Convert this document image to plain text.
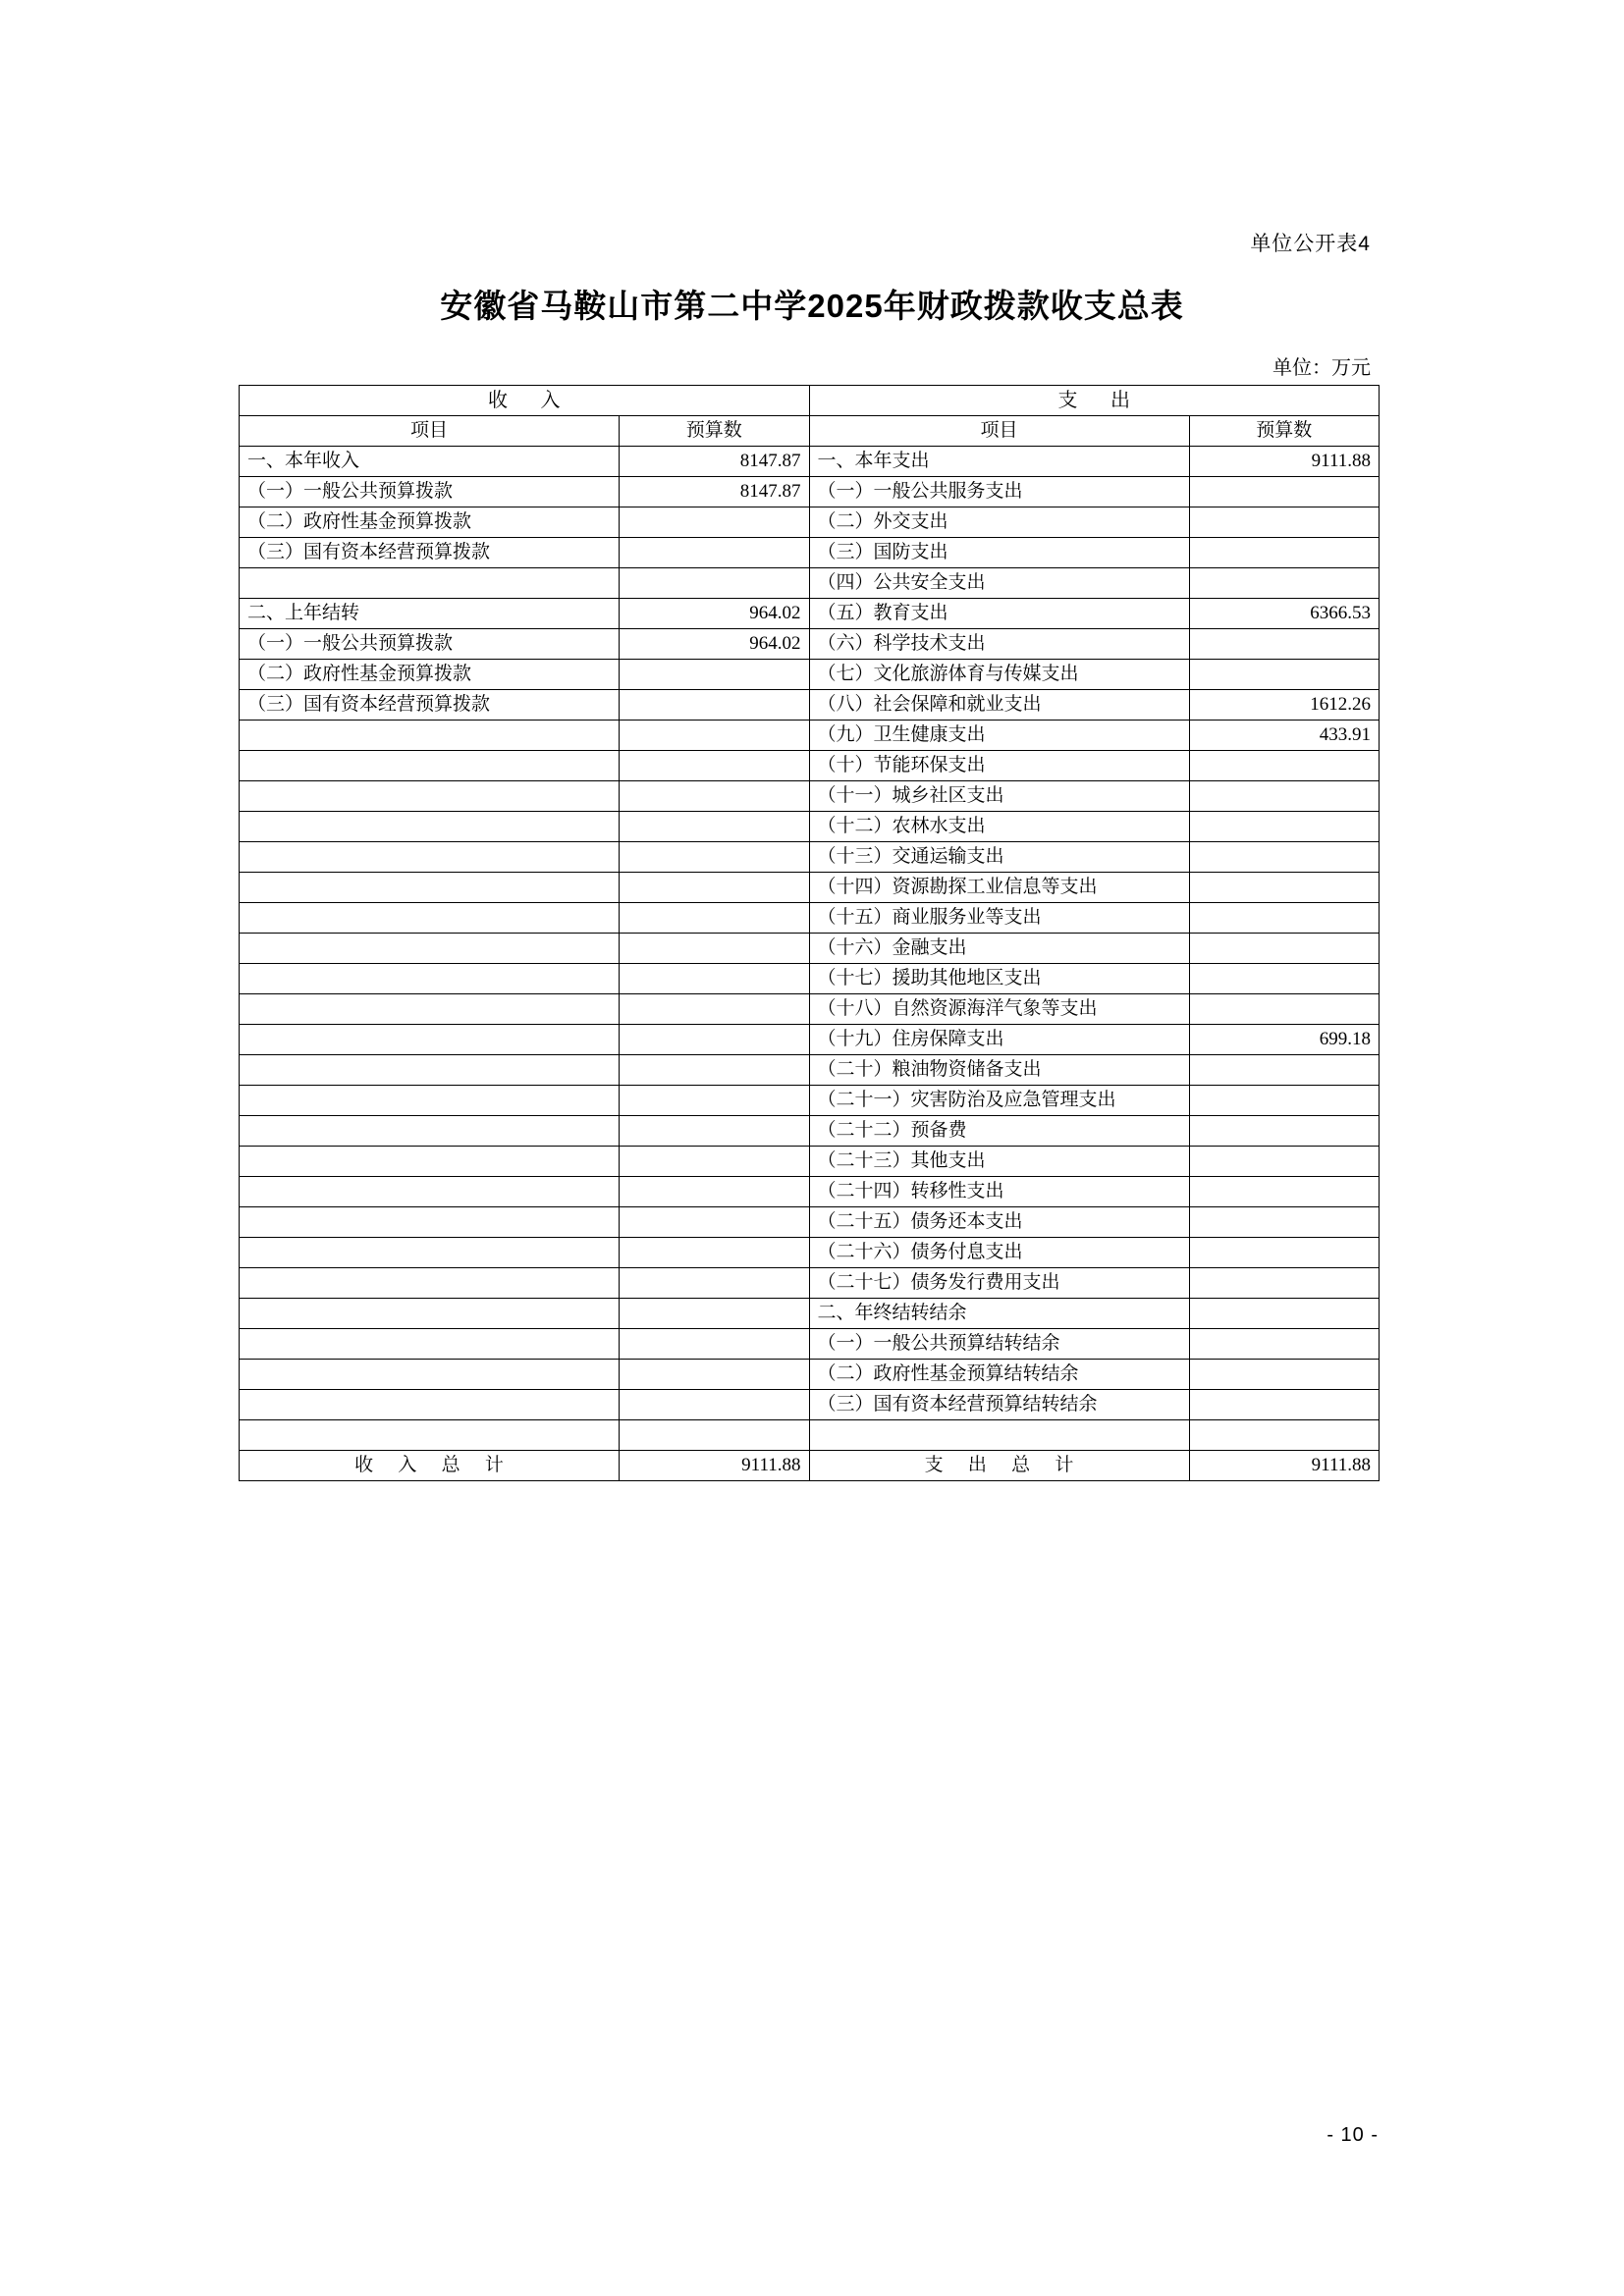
单位公开表4
安徽省马鞍山市第二中学2025年财政拨款收支总表
单位：万元
收 入		支 出	
项目	预算数	项目	预算数
一、本年收入	8147.87	一、本年支出	9111.88
（一）一般公共预算拨款	8147.87	（一）一般公共服务支出	
（二）政府性基金预算拨款		（二）外交支出	
（三）国有资本经营预算拨款		（三）国防支出	
		（四）公共安全支出	
二、上年结转	964.02	（五）教育支出	6366.53
（一）一般公共预算拨款	964.02	（六）科学技术支出	
（二）政府性基金预算拨款		（七）文化旅游体育与传媒支出	
（三）国有资本经营预算拨款		（八）社会保障和就业支出	1612.26
		（九）卫生健康支出	433.91
		（十）节能环保支出	
		（十一）城乡社区支出	
		（十二）农林水支出	
		（十三）交通运输支出	
		（十四）资源勘探工业信息等支出	
		（十五）商业服务业等支出	
		（十六）金融支出	
		（十七）援助其他地区支出	
		（十八）自然资源海洋气象等支出	
		（十九）住房保障支出	699.18
		（二十）粮油物资储备支出	
		（二十一）灾害防治及应急管理支出	
		（二十二）预备费	
		（二十三）其他支出	
		（二十四）转移性支出	
		（二十五）债务还本支出	
		（二十六）债务付息支出	
		（二十七）债务发行费用支出	
		二、年终结转结余	
		（一）一般公共预算结转结余	
		（二）政府性基金预算结转结余	
		（三）国有资本经营预算结转结余	

收 入 总 计	9111.88	支 出 总 计	9111.88
- 10 -
